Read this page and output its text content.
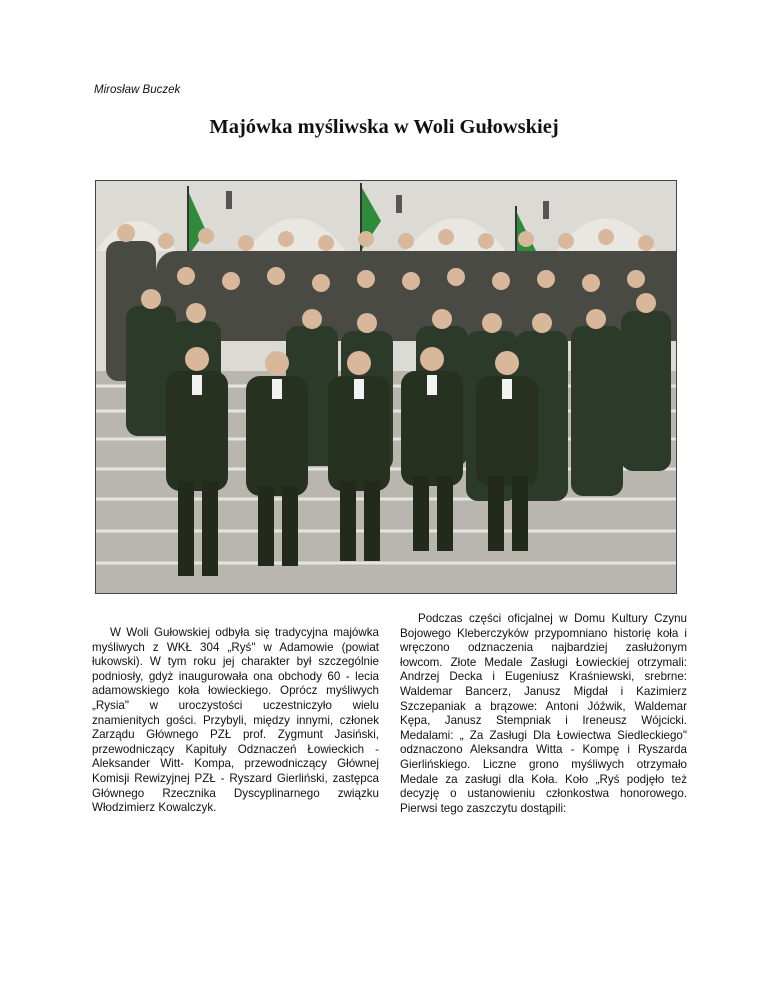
Mirosław Buczek
Majówka myśliwska w Woli Gułowskiej

W Woli Gułowskiej odbyła się tradycyjna majówka myśliwych z WKŁ 304 „Ryś" w Adamowie (powiat łukowski). W tym roku jej charakter był szczególnie podniosły, gdyż inaugurowała ona obchody 60 - lecia adamowskiego koła łowieckiego. Oprócz myśliwych „Rysia" w uroczystości uczestniczyło wielu znamienitych gości. Przybyli, między innymi, członek Zarządu Głównego PZŁ prof. Zygmunt Jasiński, przewodniczący Kapituły Odznaczeń Łowieckich -Aleksander Witt- Kompa, przewodniczący Głównej Komisji Rewizyjnej PZŁ - Ryszard Gierliński, zastępca Głównego Rzecznika Dyscyplinarnego związku Włodzimierz Kowalczyk.

Podczas części oficjalnej w Domu Kultury Czynu Bojowego Kleberczyków przypomniano historię koła i wręczono odznaczenia najbardziej zasłużonym łowcom. Złote Medale Zasługi Łowieckiej otrzymali: Andrzej Decka i Eugeniusz Kraśniewski, srebrne: Waldemar Bancerz, Janusz Migdał i Kazimierz Szczepaniak a brązowe: Antoni Jóźwik, Waldemar Kępa, Janusz Stempniak i Ireneusz Wójcicki. Medalami: „ Za Zasługi Dla Łowiectwa Siedleckiego" odznaczono Aleksandra Witta - Kompę i Ryszarda Gierlińskiego. Liczne grono myśliwych otrzymało Medale za zasługi dla Koła. Koło „Ryś podjęło też decyzję o ustanowieniu członkostwa honorowego. Pierwsi tego zaszczytu dostąpili:
